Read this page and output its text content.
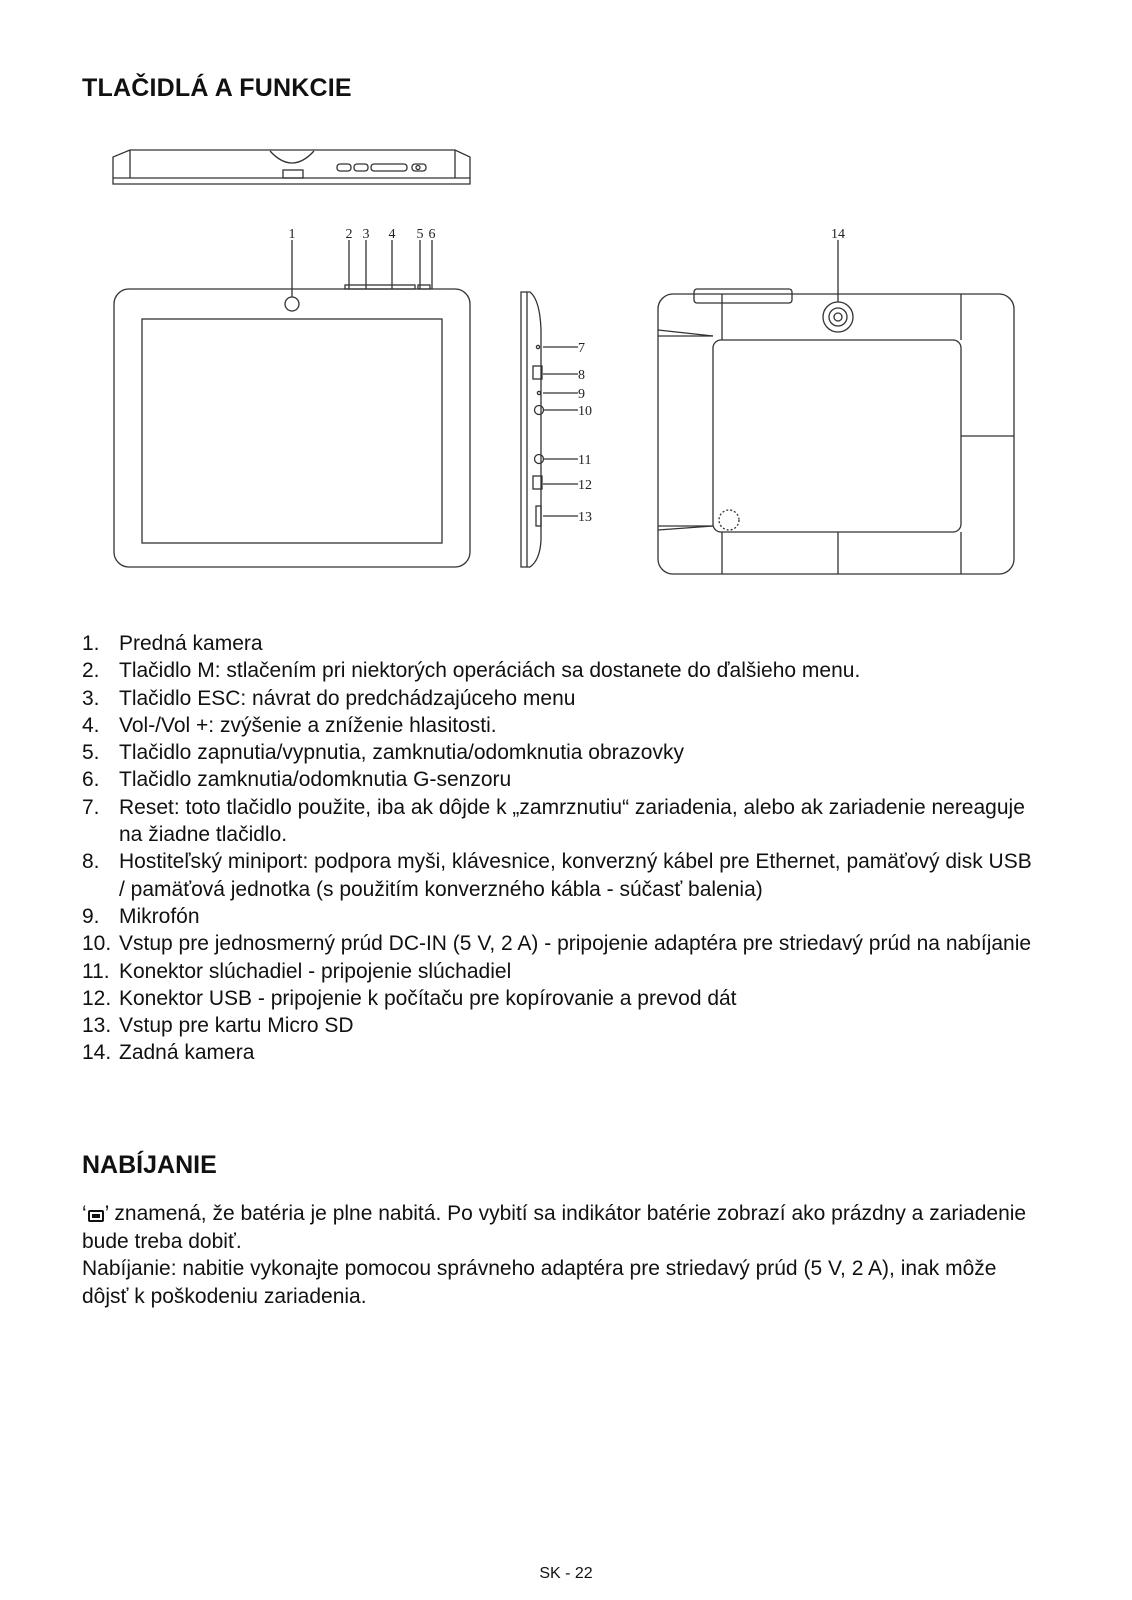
TLAČIDLÁ A FUNKCIE
1	2 3 4 5 6
7
8
9
10
11
12
13
14
1. Predná kamera
2. Tlačidlo M: stlačením pri niektorých operáciách sa dostanete do ďalšieho menu.
3. Tlačidlo ESC: návrat do predchádzajúceho menu
4. Vol-/Vol +: zvýšenie a zníženie hlasitosti.
5. Tlačidlo zapnutia/vypnutia, zamknutia/odomknutia obrazovky
6. Tlačidlo zamknutia/odomknutia G-senzoru
7. Reset: toto tlačidlo použite, iba ak dôjde k „zamrznutiu“ zariadenia, alebo ak zariadenie nereaguje na žiadne tlačidlo.
8. Hostiteľský miniport: podpora myši, klávesnice, konverzný kábel pre Ethernet, pamäťový disk USB / pamäťová jednotka (s použitím konverzného kábla - súčasť balenia)
9. Mikrofón
10. Vstup pre jednosmerný prúd DC-IN (5 V, 2 A) - pripojenie adaptéra pre striedavý prúd na nabíjanie
11. Konektor slúchadiel - pripojenie slúchadiel
12. Konektor USB - pripojenie k počítaču pre kopírovanie a prevod dát
13. Vstup pre kartu Micro SD
14. Zadná kamera
NABÍJANIE

‘ ’ znamená, že batéria je plne nabitá. Po vybití sa indikátor batérie zobrazí ako prázdny a zariadenie bude treba dobiť.

Nabíjanie: nabitie vykonajte pomocou správneho adaptéra pre striedavý prúd (5 V, 2 A), inak môže dôjsť k poškodeniu zariadenia.

SK - 22
